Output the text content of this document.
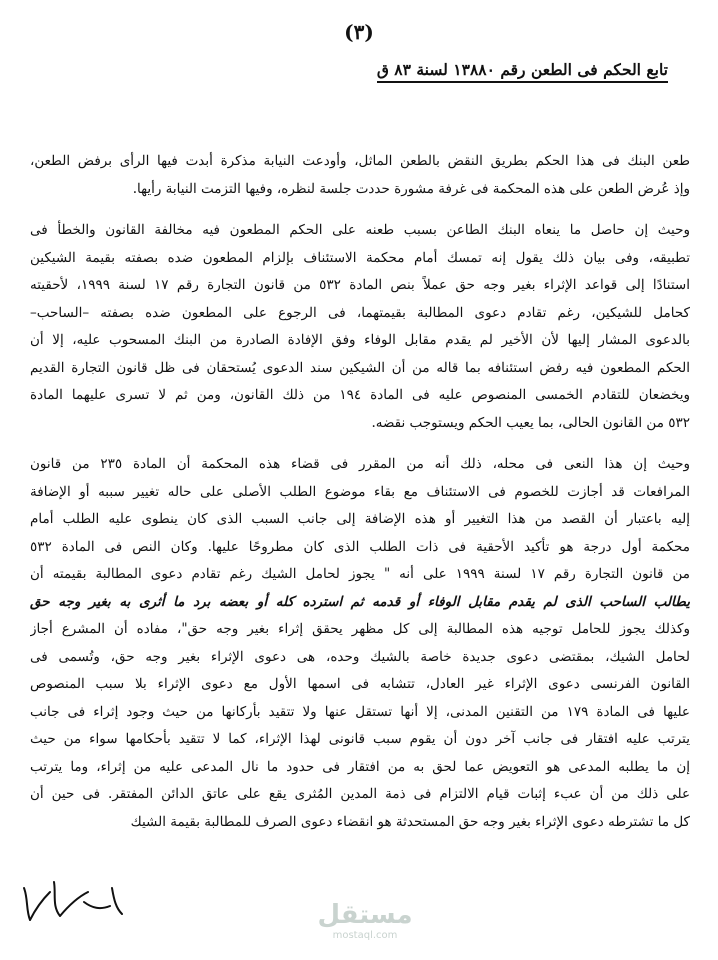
(٣)
تابع الحكم فى الطعن رقم ١٣٨٨٠ لسنة ٨٣ ق
طعن البنك فى هذا الحكم بطريق النقض بالطعن الماثل، وأودعت النيابة مذكرة أبدت فيها الرأى برفض الطعن،
وإذ عُرض الطعن على هذه المحكمة فى غرفة مشورة حددت جلسة لنظره، وفيها التزمت النيابة رأيها.
وحيث إن حاصل ما ينعاه البنك الطاعن بسبب طعنه على الحكم المطعون فيه مخالفة القانون والخطأ فى
تطبيقه، وفى بيان ذلك يقول إنه تمسك أمام محكمة الاستئناف بإلزام المطعون ضده بصفته بقيمة الشيكين
استنادًا إلى قواعد الإثراء بغير وجه حق عملاً بنص المادة ٥٣٢ من قانون التجارة رقم ١٧ لسنة ١٩٩٩، لأحقيته
كحامل للشيكين، رغم تقادم دعوى المطالبة بقيمتهما، فى الرجوع على المطعون ضده بصفته –الساحب–
بالدعوى المشار إليها لأن الأخير لم يقدم مقابل الوفاء وفق الإفادة الصادرة من البنك المسحوب عليه، إلا أن
الحكم المطعون فيه رفض استئنافه بما قاله من أن الشيكين سند الدعوى يُستحقان فى ظل قانون التجارة القديم
ويخضعان للتقادم الخمسى المنصوص عليه فى المادة ١٩٤ من ذلك القانون، ومن ثم لا تسرى عليهما المادة
٥٣٢ من القانون الحالى، بما يعيب الحكم ويستوجب نقضه.
وحيث إن هذا النعى فى محله، ذلك أنه من المقرر فى قضاء هذه المحكمة أن المادة ٢٣٥ من قانون
المرافعات قد أجازت للخصوم فى الاستئناف مع بقاء موضوع الطلب الأصلى على حاله تغيير سببه أو الإضافة
إليه باعتبار أن القصد من هذا التغيير أو هذه الإضافة إلى جانب السبب الذى كان ينطوى عليه الطلب أمام
محكمة أول درجة هو تأكيد الأحقية فى ذات الطلب الذى كان مطروحًا عليها. وكان النص فى المادة ٥٣٢
من قانون التجارة رقم ١٧ لسنة ١٩٩٩ على أنه " يجوز لحامل الشيك رغم تقادم دعوى المطالبة بقيمته أن
يطالب الساحب الذى لم يقدم مقابل الوفاء أو قدمه ثم استرده كله أو بعضه برد ما أثرى به بغير وجه حق
وكذلك يجوز للحامل توجيه هذه المطالبة إلى كل مظهر يحقق إثراء بغير وجه حق"، مفاده أن المشرع أجاز
لحامل الشيك، بمقتضى دعوى جديدة خاصة بالشيك وحده، هى دعوى الإثراء بغير وجه حق، وتُسمى فى
القانون الفرنسى دعوى الإثراء غير العادل، تتشابه فى اسمها الأول مع دعوى الإثراء بلا سبب المنصوص
عليها فى المادة ١٧٩ من التقنين المدنى، إلا أنها تستقل عنها ولا تتقيد بأركانها من حيث وجود إثراء فى جانب
يترتب عليه افتقار فى جانب آخر دون أن يقوم سبب قانونى لهذا الإثراء، كما لا تتقيد بأحكامها سواء من حيث
إن ما يطلبه المدعى هو التعويض عما لحق به من افتقار فى حدود ما نال المدعى عليه من إثراء، وما يترتب
على ذلك من أن عبء إثبات قيام الالتزام فى ذمة المدين المُثرى يقع على عاتق الدائن المفتقر. فى حين أن
كل ما تشترطه دعوى الإثراء بغير وجه حق المستحدثة هو انقضاء دعوى الصرف للمطالبة بقيمة الشيك
مستقل
mostaql.com
